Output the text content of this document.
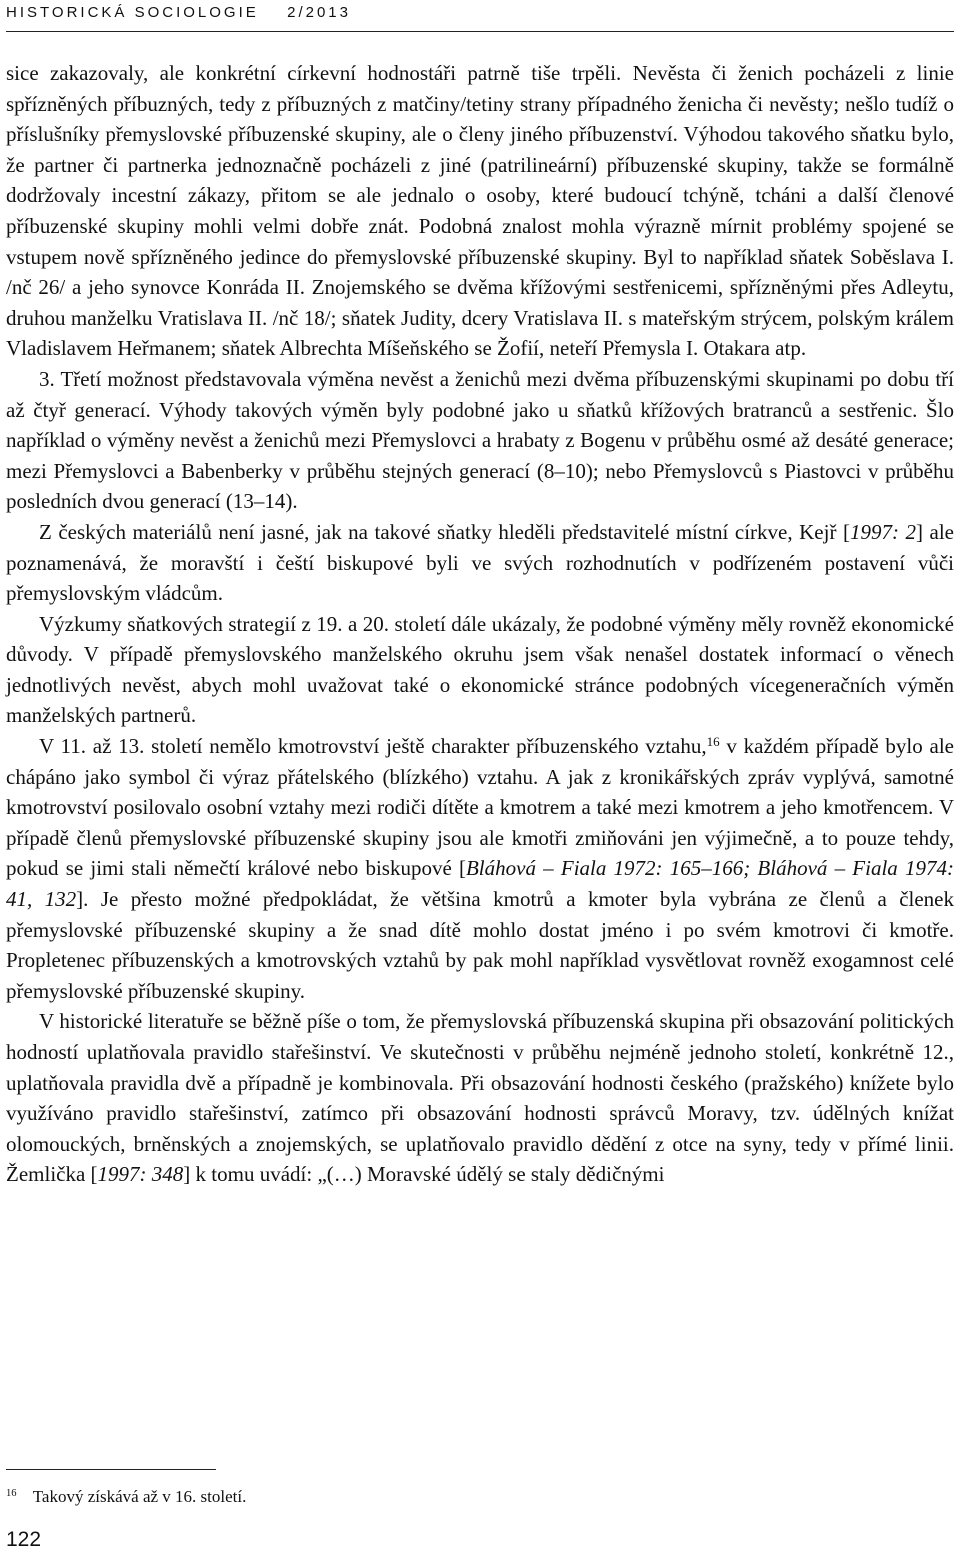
HISTORICKÁ SOCIOLOGIE 2/2013

sice zakazovaly, ale konkrétní církevní hodnostáři patrně tiše trpěli. Nevěsta či ženich pocházeli z linie spřízněných příbuzných, tedy z příbuzných z matčiny/tetiny strany případného ženicha či nevěsty; nešlo tudíž o příslušníky přemyslovské příbuzenské skupiny, ale o členy jiného příbuzenství. Výhodou takového sňatku bylo, že partner či partnerka jednoznačně pocházeli z jiné (patrilineární) příbuzenské skupiny, takže se formálně dodržovaly incestní zákazy, přitom se ale jednalo o osoby, které budoucí tchýně, tcháni a další členové příbuzenské skupiny mohli velmi dobře znát. Podobná znalost mohla výrazně mírnit problémy spojené se vstupem nově spřízněného jedince do přemyslovské příbuzenské skupiny. Byl to například sňatek Soběslava I. /nč 26/ a jeho synovce Konráda II. Znojemského se dvěma křížovými sestřenicemi, spřízněnými přes Adleytu, druhou manželku Vratislava II. /nč 18/; sňatek Judity, dcery Vratislava II. s mateřským strýcem, polským králem Vladislavem Heřmanem; sňatek Albrechta Míšeňského se Žofií, neteří Přemysla I. Otakara atp.

3. Třetí možnost představovala výměna nevěst a ženichů mezi dvěma příbuzenskými skupinami po dobu tří až čtyř generací. Výhody takových výměn byly podobné jako u sňatků křížových bratranců a sestřenic. Šlo například o výměny nevěst a ženichů mezi Přemyslovci a hrabaty z Bogenu v průběhu osmé až desáté generace; mezi Přemyslovci a Babenberky v průběhu stejných generací (8–10); nebo Přemyslovců s Piastovci v průběhu posledních dvou generací (13–14).

Z českých materiálů není jasné, jak na takové sňatky hleděli představitelé místní církve, Kejř [1997: 2] ale poznamenává, že moravští i čeští biskupové byli ve svých rozhodnutích v podřízeném postavení vůči přemyslovským vládcům.

Výzkumy sňatkových strategií z 19. a 20. století dále ukázaly, že podobné výměny měly rovněž ekonomické důvody. V případě přemyslovského manželského okruhu jsem však nenašel dostatek informací o věnech jednotlivých nevěst, abych mohl uvažovat také o ekonomické stránce podobných vícegeneračních výměn manželských partnerů.

V 11. až 13. století nemělo kmotrovství ještě charakter příbuzenského vztahu,$^{16}$ v každém případě bylo ale chápáno jako symbol či výraz přátelského (blízkého) vztahu. A jak z kronikářských zpráv vyplývá, samotné kmotrovství posilovalo osobní vztahy mezi rodiči dítěte a kmotrem a také mezi kmotrem a jeho kmotřencem. V případě členů přemyslovské příbuzenské skupiny jsou ale kmotři zmiňováni jen výjimečně, a to pouze tehdy, pokud se jimi stali němečtí králové nebo biskupové [Bláhová – Fiala 1972: 165–166; Bláhová – Fiala 1974: 41, 132]. Je přesto možné předpokládat, že většina kmotrů a kmoter byla vybrána ze členů a členek přemyslovské příbuzenské skupiny a že snad dítě mohlo dostat jméno i po svém kmotrovi či kmotře. Propletenec příbuzenských a kmotrovských vztahů by pak mohl například vysvětlovat rovněž exogamnost celé přemyslovské příbuzenské skupiny.

V historické literatuře se běžně píše o tom, že přemyslovská příbuzenská skupina při obsazování politických hodností uplatňovala pravidlo stařešinství. Ve skutečnosti v průběhu nejméně jednoho století, konkrétně 12., uplatňovala pravidla dvě a případně je kombinovala. Při obsazování hodnosti českého (pražského) knížete bylo využíváno pravidlo stařešinství, zatímco při obsazování hodnosti správců Moravy, tzv. údělných knížat olomouckých, brněnských a znojemských, se uplatňovalo pravidlo dědění z otce na syny, tedy v přímé linii. Žemlička [1997: 348] k tomu uvádí: „(…) Moravské údělý se staly dědičnými

$^{16}$ Takový získává až v 16. století.
122
